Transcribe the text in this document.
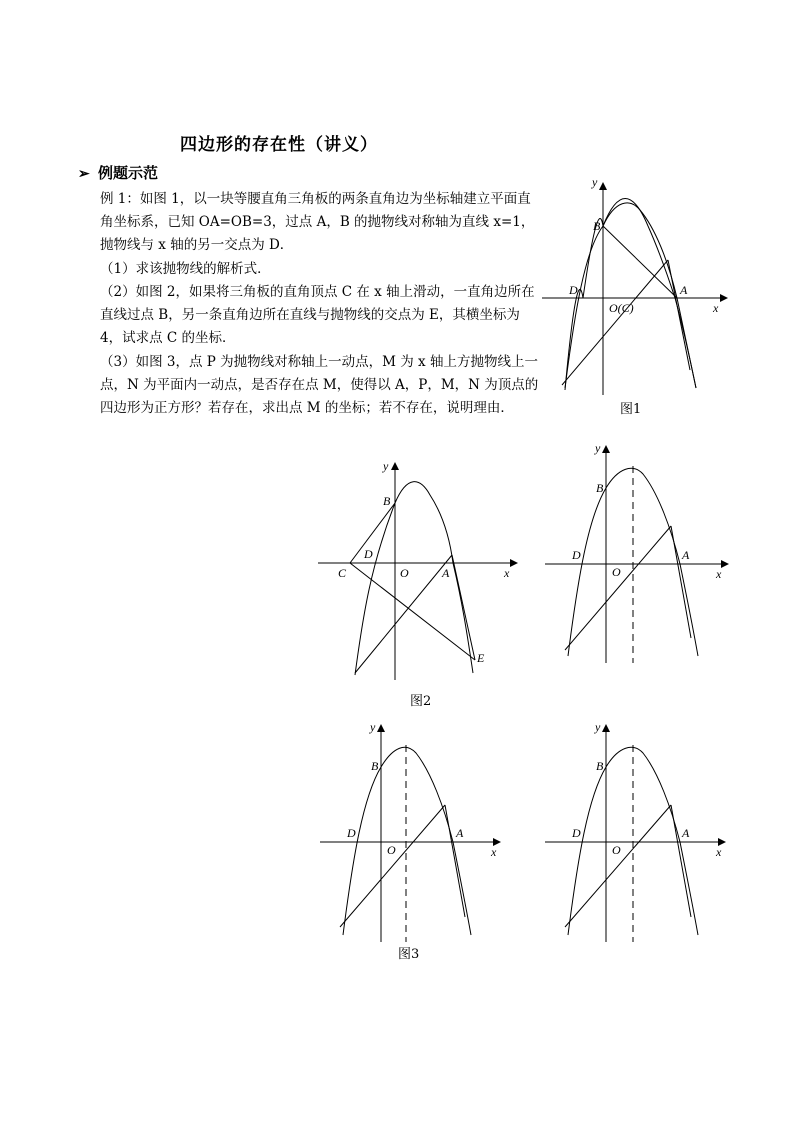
四边形的存在性（讲义）
➢ 例题示范

例 1：如图 1，以一块等腰直角三角板的两条直角边为坐标轴建立平面直角坐标系，已知 OA=OB=3，过点 A，B 的抛物线对称轴为直线 x=1，抛物线与 x 轴的另一交点为 D．

（1）求该抛物线的解析式．

（2）如图 2，如果将三角板的直角顶点 C 在 x 轴上滑动，一直角边所在直线过点 B，另一条直角边所在直线与抛物线的交点为 E，其横坐标为 4，试求点 C 的坐标．

（3）如图 3，点 P 为抛物线对称轴上一动点，M 为 x 轴上方抛物线上一点，N 为平面内一动点，是否存在点 M，使得以 A，P，M，N 为顶点的四边形为正方形？若存在，求出点 M 的坐标；若不存在，说明理由．

B
D	A
O(C)	x
y
图1
B
D
C	O	A
E
x
y
图2
B
D
O
A
x
y
B
D
O
A
x
y
图3
B
D
O
A
x
y
